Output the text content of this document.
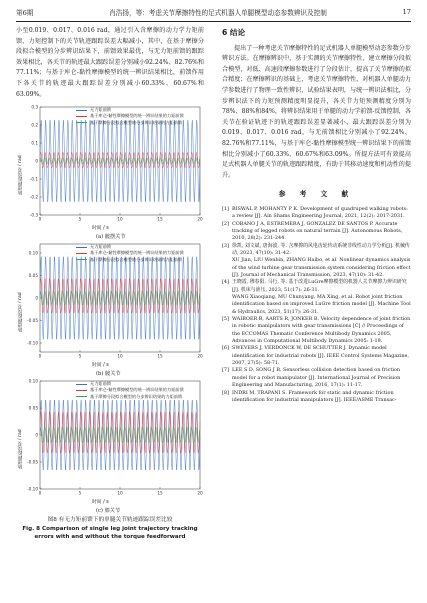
第6期	肖浩扬，等：考虑关节摩擦特性的足式机器人单腿模型动态参数辨识及控制	17

小至0.019、0.017、0.016 rad，通过引入含摩擦的动力学力矩前馈、力矩控制下的关节轨迹跟踪误差大幅减小，其中，在基于摩擦分段拟合模型的分步辨识结果下，前馈效果最优，与无力矩前馈的跟踪效果相比，各关节的轨迹最大跟踪误差分别减小92.24%、82.76%和77.11%；与基于库仑-黏性摩擦模型的统一辨识结果相比，前馈作用下各关节的轨迹最大跟踪误差分别减小60.33%、60.67%和63.09%。

0.3
0.2
0.1
0
-0.1
-0.2
-0.3
0	5	10	15	20
无力矩前馈
基于库仑-黏性摩擦模型的统一辨识结果的力矩前馈
基于摩擦分段拟合模型的分步辨识结果的力矩前馈
轨迹跟踪误差 / rad
时间 / s
(a) 髋摆关节
0.10
0.05
0
-0.05
-0.10
0	5	10	15	20
无力矩前馈
基于库仑-黏性摩擦模型的统一辨识结果的力矩前馈
基于摩擦分段拟合模型的分步辨识结果的力矩前馈
轨迹跟踪误差 / rad
时间 / s
(b) 髋关节
0.10
0.05
0
-0.05
-0.10
0	5	10	15	20
无力矩前馈
基于库仑-黏性摩擦模型的统一辨识结果的力矩前馈
基于摩擦分段拟合模型的分步辨识结果的力矩前馈
轨迹跟踪误差 / rad
时间 / s
(c) 膝关节
图8 有无力矩前馈下的单腿关节轨迹跟踪误差比较
Fig. 8 Comparison of single leg joint trajectory tracking errors with and without the torque feedforward
6 结论

提出了一种考虑关节摩擦特性的足式机器人单腿模型动态参数分步辨识方法。在摩擦辨识中，基于实测的关节摩擦特性，建立摩擦分段拟合模型，对低、高速段摩擦参数进行了分段估计，提高了关节摩擦的拟合精度；在摩擦辨识的基础上，考虑关节摩擦特性，对机器人单腿动力学参数进行了物理一致性辨识，试验结果表明，与统一辨识法相比，分步辨识法下的力矩预测精度明显提升，各关节力矩预测精度分别为78%、88%和84%，将辨识结果用于单腿的动力学前馈-反馈控制，各关节在验证轨迹下的轨迹跟踪误差显著减小，最大跟踪误差分别为0.019、0.017、0.016 rad，与无前馈相比分别减小了92.24%、82.76%和77.11%，与基于库仑-黏性摩擦模型统一辨识结果下的前馈相比分别减小了60.33%、60.67%和63.09%。所提方法可有效提高足式机器人单腿关节的轨迹跟踪精度，有助于其移动速度和机动性的提升。

参 考 文 献
[1] BISWAL P, MOHANTY P K. Development of quadruped walking robots: a review [J]. Ain Shams Engineering Journal, 2021, 12(2): 2017-2031.
[2] COBANO J A, ESTREMERA J, GONZALEZ DE SANTOS P. Accurate tracking of legged robots on natural terrain [J]. Autonomous Robots, 2010, 28(2): 231-244.
[3] 徐凯, 刘文斌, 唐海波, 等. 含摩擦的风电齿轮传动系统非线性动力学分析[J]. 机械传动, 2023, 47(10): 31-42.
XU Jian, LIU Wenbin, ZHANG Haibo, et al. Nonlinear dynamics analysis of the wind turbine gear transmission system considering friction effect [J]. Journal of Mechanical Transmission, 2023, 47(10): 31-42.
[4] 王晓霞, 穆春阳, 马行, 等. 基于改进LuGre摩擦模型的机器人关节摩擦力辨识研究[J]. 机床与液压, 2023, 51(17): 26-31.
WANG Xiaoqiang, MU Chunyang, MA Xing, et al. Robot joint friction identification based on improved LuGre friction model [J]. Machine Tool & Hydraulics, 2023, 51(17): 26-31.
[5] WAIBOER R, AARTS R, JONKER B. Velocity dependence of joint friction in robotic manipulators with gear transmissions [C] // Proceedings of the ECCOMAS Thematic Conference Multibody Dynamics 2005, Advances in Computational Multibody Dynamics 2005: 1-19.
[6] SWEVERS J, VERDONCK W, DE SCHUTTER J. Dynamic model identification for industrial robots [J]. IEEE Control Systems Magazine, 2007, 27(5): 58-71.
[7] LEE S D, SONG J B. Sensorless collision detection based on friction model for a robot manipulator [J]. International Journal of Precision Engineering and Manufacturing, 2016, 17(1): 11-17.
[8] INDRI M, TRAPANI S. Framework for static and dynamic friction identification for industrial manipulators [J]. IEEE/ASME Transac-
